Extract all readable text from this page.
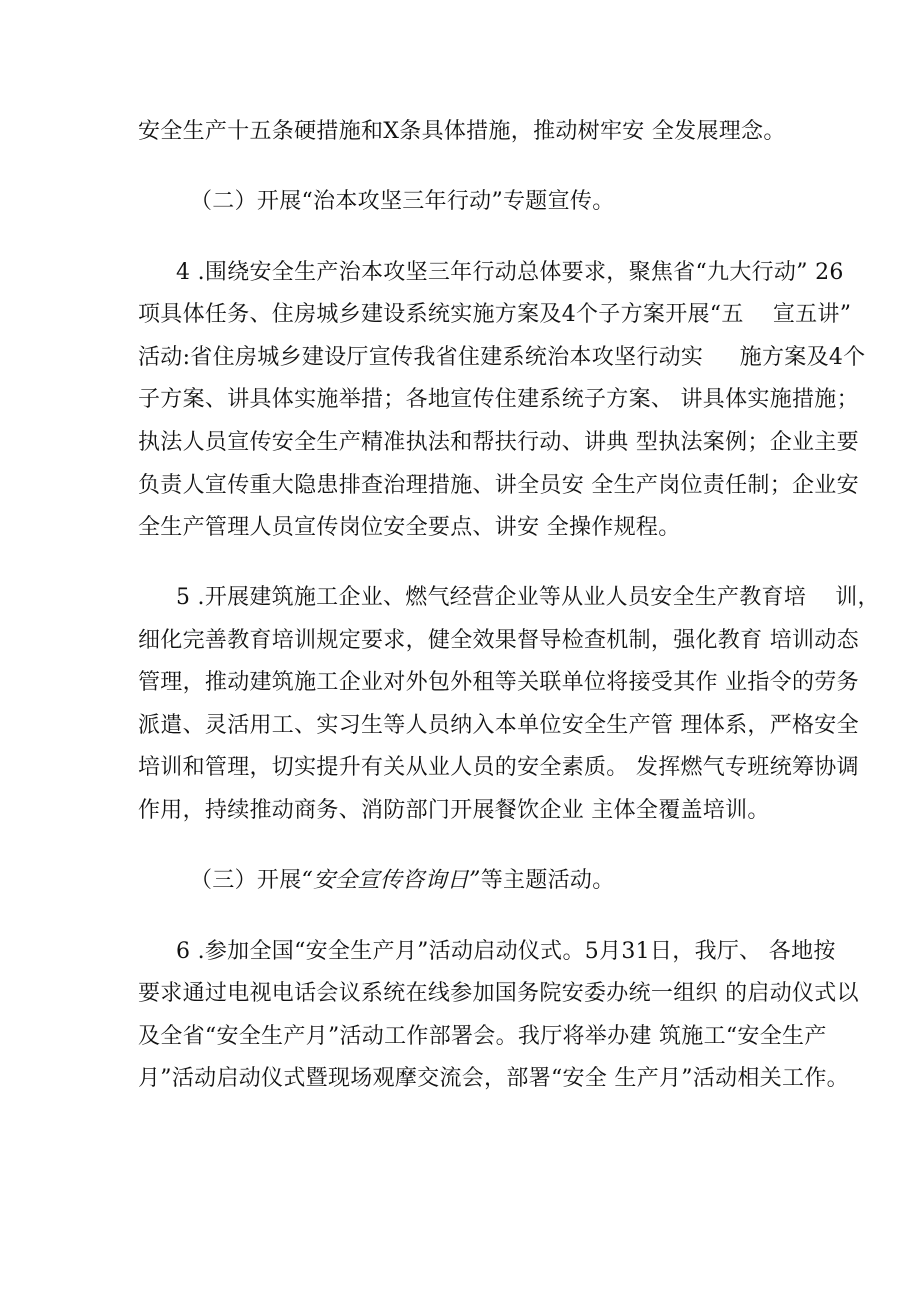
安全生产十五条硬措施和X条具体措施，推动树牢安 全发展理念。
（二）开展“治本攻坚三年行动”专题宣传。
4 .围绕安全生产治本攻坚三年行动总体要求，聚焦省“九大行动” 26
项具体任务、住房城乡建设系统实施方案及4个子方案开展“五    宣五讲”
活动:省住房城乡建设厅宣传我省住建系统治本攻坚行动实     施方案及4个
子方案、讲具体实施举措；各地宣传住建系统子方案、 讲具体实施措施；
执法人员宣传安全生产精准执法和帮扶行动、讲典 型执法案例；企业主要
负责人宣传重大隐患排查治理措施、讲全员安 全生产岗位责任制；企业安
全生产管理人员宣传岗位安全要点、讲安 全操作规程。
5 .开展建筑施工企业、燃气经营企业等从业人员安全生产教育培    训，
细化完善教育培训规定要求，健全效果督导检查机制，强化教育 培训动态
管理，推动建筑施工企业对外包外租等关联单位将接受其作 业指令的劳务
派遣、灵活用工、实习生等人员纳入本单位安全生产管 理体系，严格安全
培训和管理，切实提升有关从业人员的安全素质。 发挥燃气专班统筹协调
作用，持续推动商务、消防部门开展餐饮企业 主体全覆盖培训。
（三）开展“安全宣传咨询日”等主题活动。
6 .参加全国“安全生产月”活动启动仪式。5月31日，我厅、 各地按
要求通过电视电话会议系统在线参加国务院安委办统一组织 的启动仪式以
及全省“安全生产月”活动工作部署会。我厅将举办建 筑施工“安全生产
月”活动启动仪式暨现场观摩交流会，部署“安全 生产月”活动相关工作。
